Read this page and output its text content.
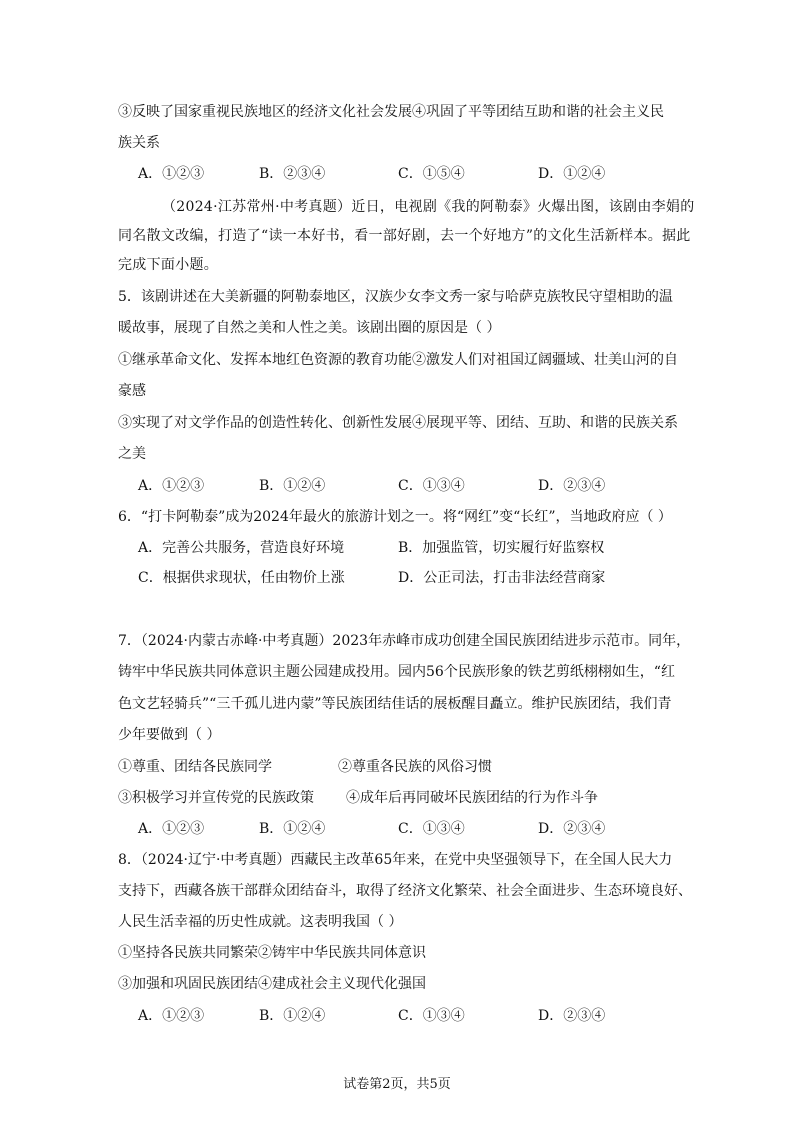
③反映了国家重视民族地区的经济文化社会发展④巩固了平等团结互助和谐的社会主义民
族关系
A．①②③	B．②③④	C．①⑤④	D．①②④
（2024·江苏常州·中考真题）近日，电视剧《我的阿勒泰》火爆出图，该剧由李娟的
同名散文改编，打造了“读一本好书，看一部好剧，去一个好地方”的文化生活新样本。据此
完成下面小题。
5．该剧讲述在大美新疆的阿勒泰地区，汉族少女李文秀一家与哈萨克族牧民守望相助的温
暖故事，展现了自然之美和人性之美。该剧出圈的原因是（ ）
①继承革命文化、发挥本地红色资源的教育功能②激发人们对祖国辽阔疆域、壮美山河的自
豪感
③实现了对文学作品的创造性转化、创新性发展④展现平等、团结、互助、和谐的民族关系
之美
A．①②③	B．①②④	C．①③④	D．②③④
6．“打卡阿勒泰”成为2024年最火的旅游计划之一。将“网红”变“长红”，当地政府应（ ）
A．完善公共服务，营造良好环境	B．加强监管，切实履行好监察权
C．根据供求现状，任由物价上涨	D．公正司法，打击非法经营商家
7．（2024·内蒙古赤峰·中考真题）2023年赤峰市成功创建全国民族团结进步示范市。同年，
铸牢中华民族共同体意识主题公园建成投用。园内56个民族形象的铁艺剪纸栩栩如生，“红
色文艺轻骑兵”“三千孤儿进内蒙”等民族团结佳话的展板醒目矗立。维护民族团结，我们青
少年要做到（ ）
①尊重、团结各民族同学	②尊重各民族的风俗习惯
③积极学习并宣传党的民族政策 ④成年后再同破坏民族团结的行为作斗争
A．①②③	B．①②④	C．①③④	D．②③④
8．（2024·辽宁·中考真题）西藏民主改革65年来，在党中央坚强领导下，在全国人民大力
支持下，西藏各族干部群众团结奋斗，取得了经济文化繁荣、社会全面进步、生态环境良好、
人民生活幸福的历史性成就。这表明我国（ ）
①坚持各民族共同繁荣②铸牢中华民族共同体意识
③加强和巩固民族团结④建成社会主义现代化强国
A．①②③	B．①②④	C．①③④	D．②③④
试卷第2页，共5页
